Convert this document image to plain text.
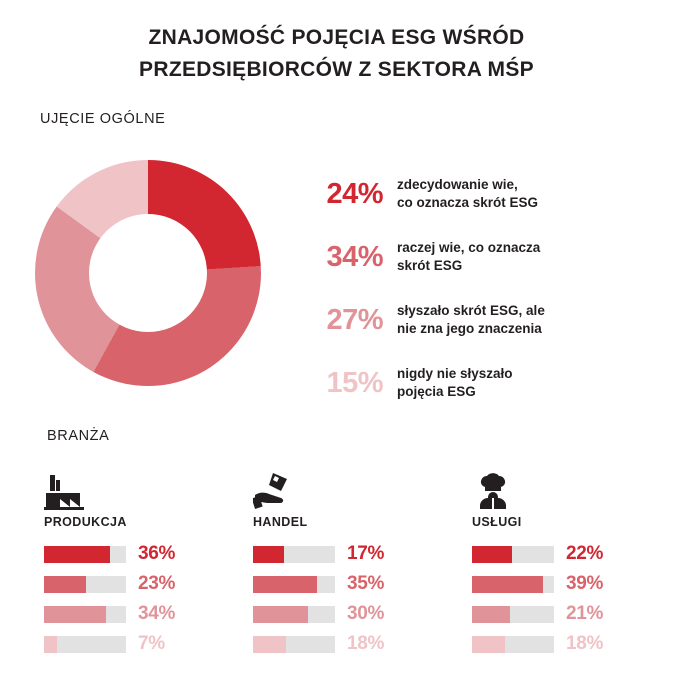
ZNAJOMOŚĆ POJĘCIA ESG WŚRÓD
PRZEDSIĘBIORCÓW Z SEKTORA MŚP
UJĘCIE OGÓLNE
BRANŻA
24%	zdecydowanie wie,
co oznacza skrót ESG
34%	raczej wie, co oznacza
skrót ESG
27%	słyszało skrót ESG, ale
nie zna jego znaczenia
15%	nigdy nie słyszało
pojęcia ESG
PRODUKCJA
36%
23%
34%
7%
HANDEL
17%
35%
30%
18%
USŁUGI
22%
39%
21%
18%
